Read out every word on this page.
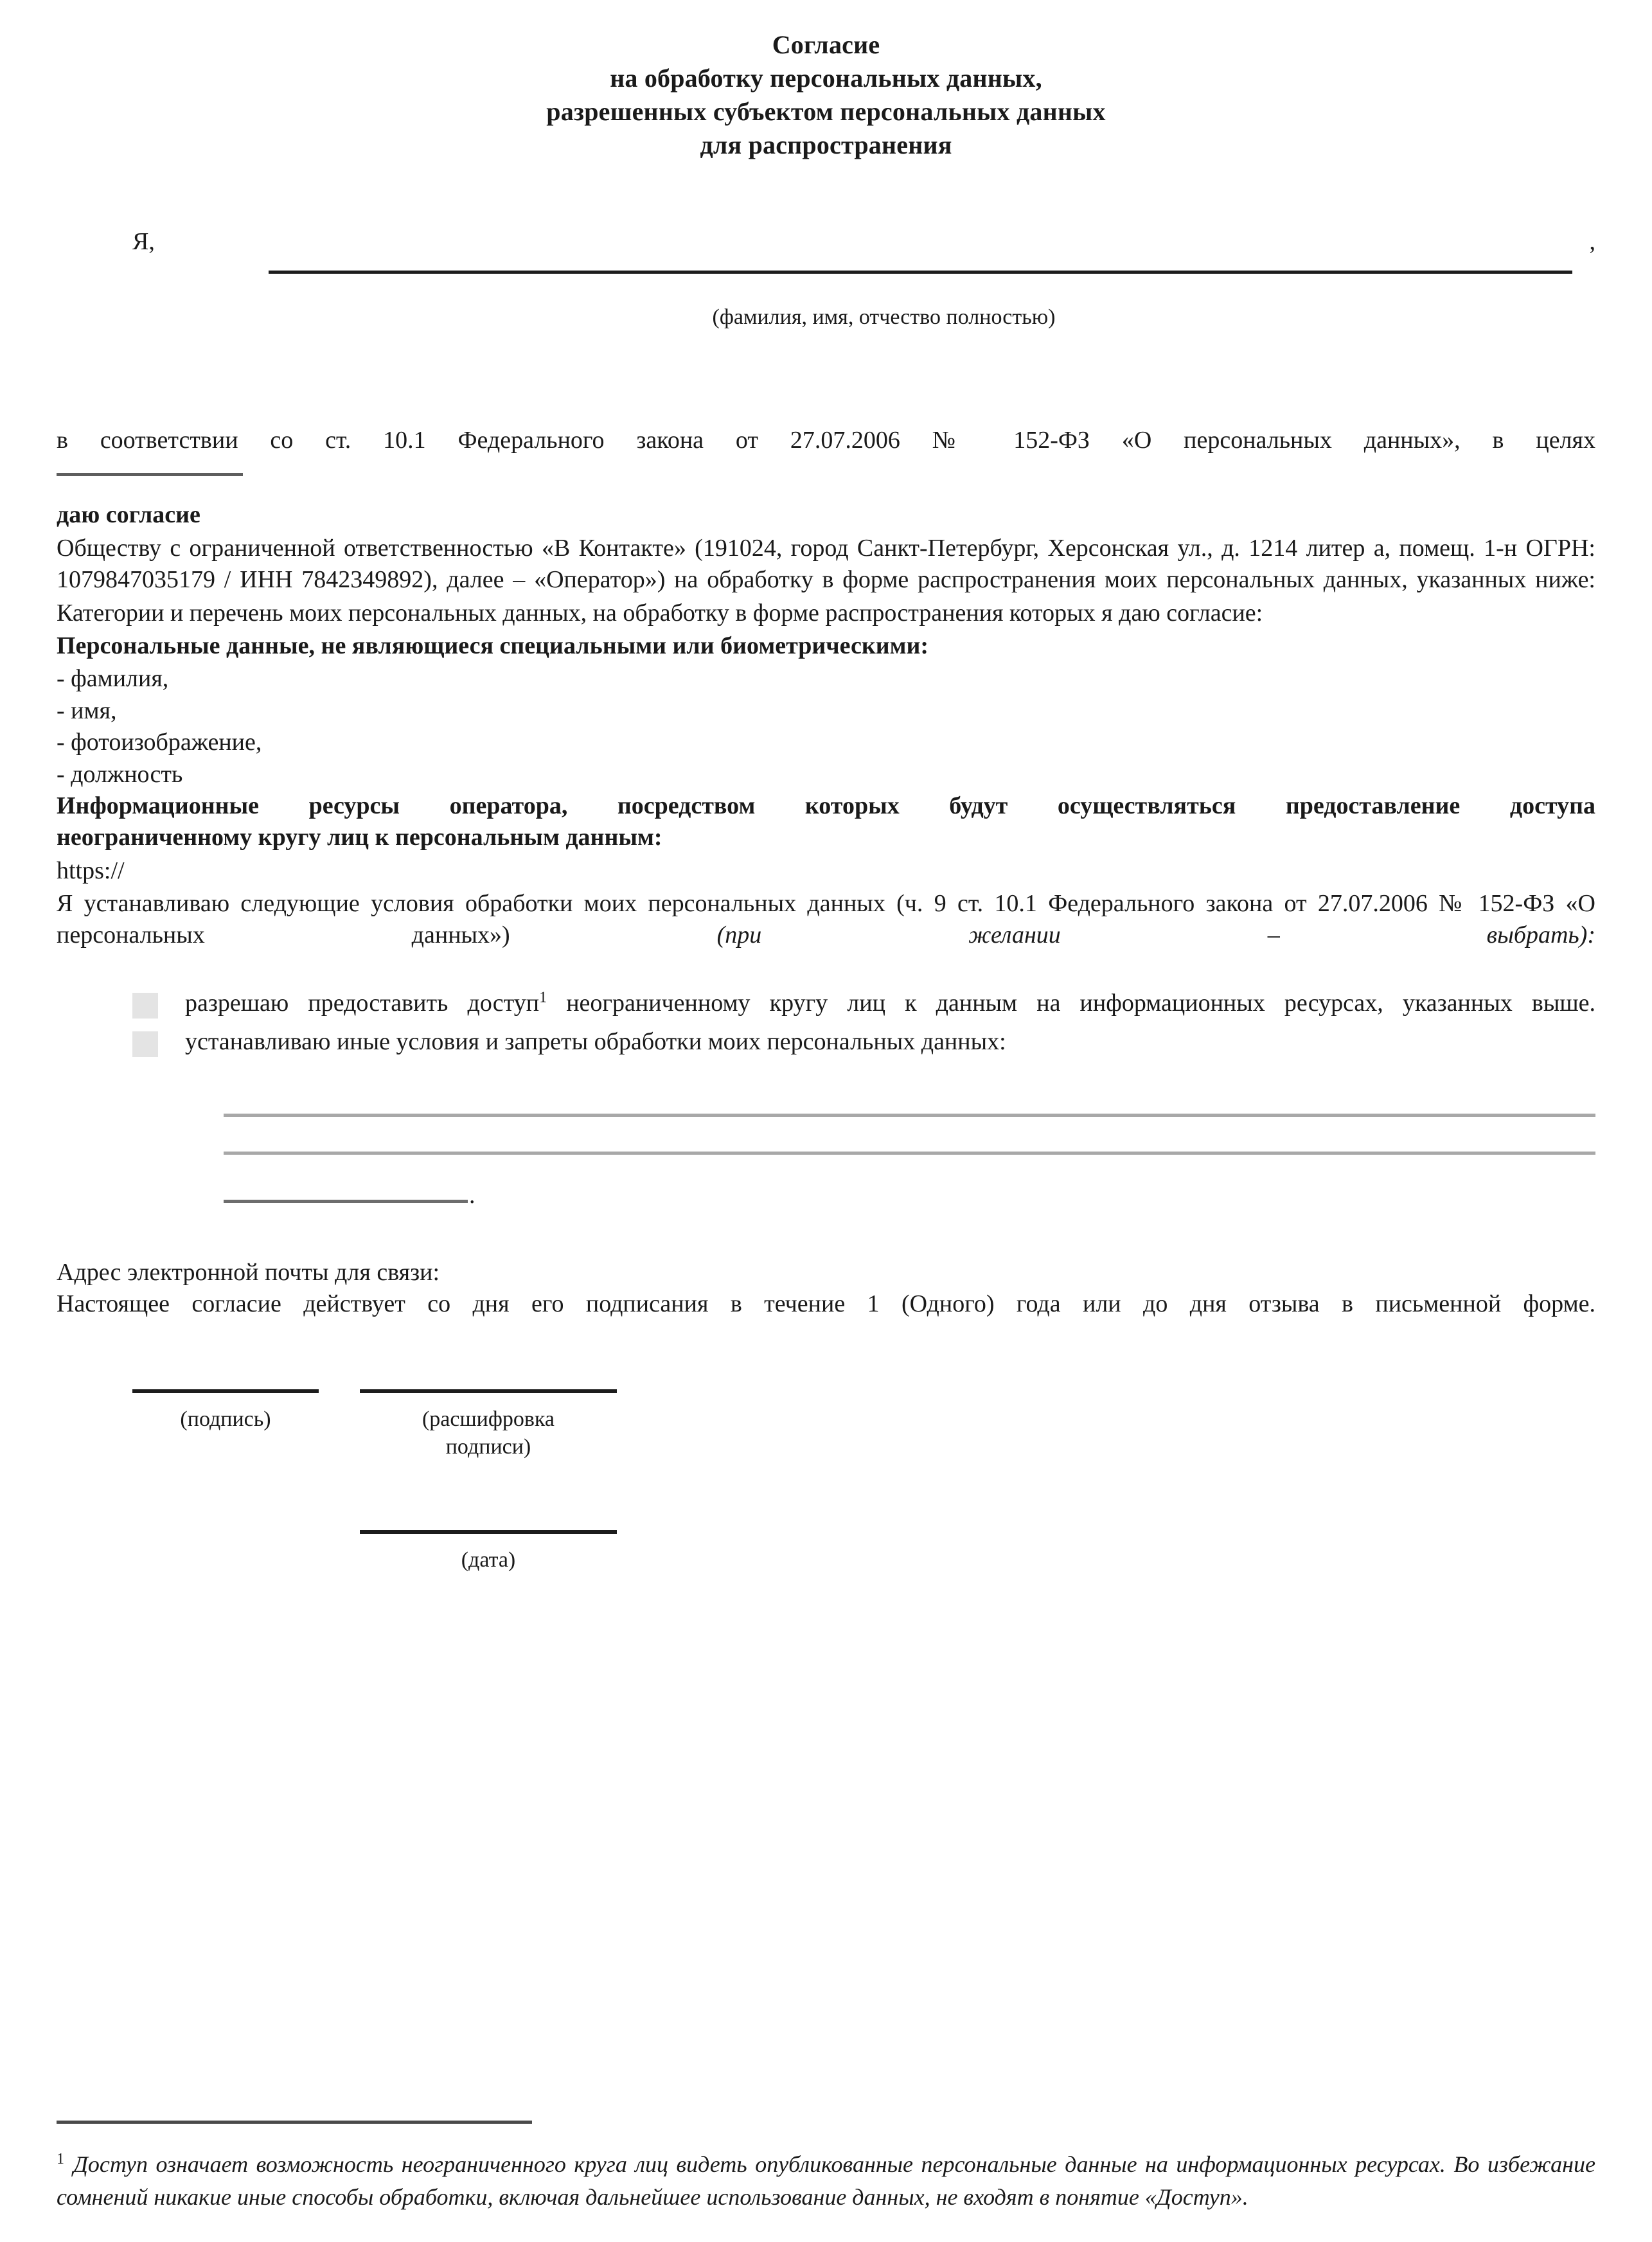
Согласие
на обработку персональных данных,
разрешенных субъектом персональных данных
для распространения
Я,	,
(фамилия, имя, отчество полностью)
в соответствии со ст. 10.1 Федерального закона от 27.07.2006 № 152-ФЗ «О персональных данных», в целях
даю согласие
Обществу с ограниченной ответственностью «В Контакте» (191024, город Санкт-Петербург, Херсонская ул., д. 1214 литер а, помещ. 1-н ОГРН: 1079847035179 / ИНН 7842349892), далее – «Оператор») на обработку в форме распространения моих персональных данных, указанных ниже:
Категории и перечень моих персональных данных, на обработку в форме распространения которых я даю согласие:
Персональные данные, не являющиеся специальными или биометрическими:
- фамилия,
- имя,
- фотоизображение,
- должность
Информационные ресурсы оператора, посредством которых будут осуществляться предоставление доступа
неограниченному кругу лиц к персональным данным:
https://
Я устанавливаю следующие условия обработки моих персональных данных (ч. 9 ст. 10.1 Федерального закона от 27.07.2006 № 152-ФЗ «О персональных данных») (при желании – выбрать):
разрешаю предоставить доступ$^1$ неограниченному кругу лиц к данным на информационных ресурсах, указанных выше.
устанавливаю иные условия и запреты обработки моих персональных данных:
.
Адрес электронной почты для связи:
Настоящее согласие действует со дня его подписания в течение 1 (Одного) года или до дня отзыва в письменной форме.
(подпись)	(расшифровка
подписи)
(дата)
$^1$ Доступ означает возможность неограниченного круга лиц видеть опубликованные персональные данные на информационных ресурсах. Во избежание сомнений никакие иные способы обработки, включая дальнейшее использование данных, не входят в понятие «Доступ».
